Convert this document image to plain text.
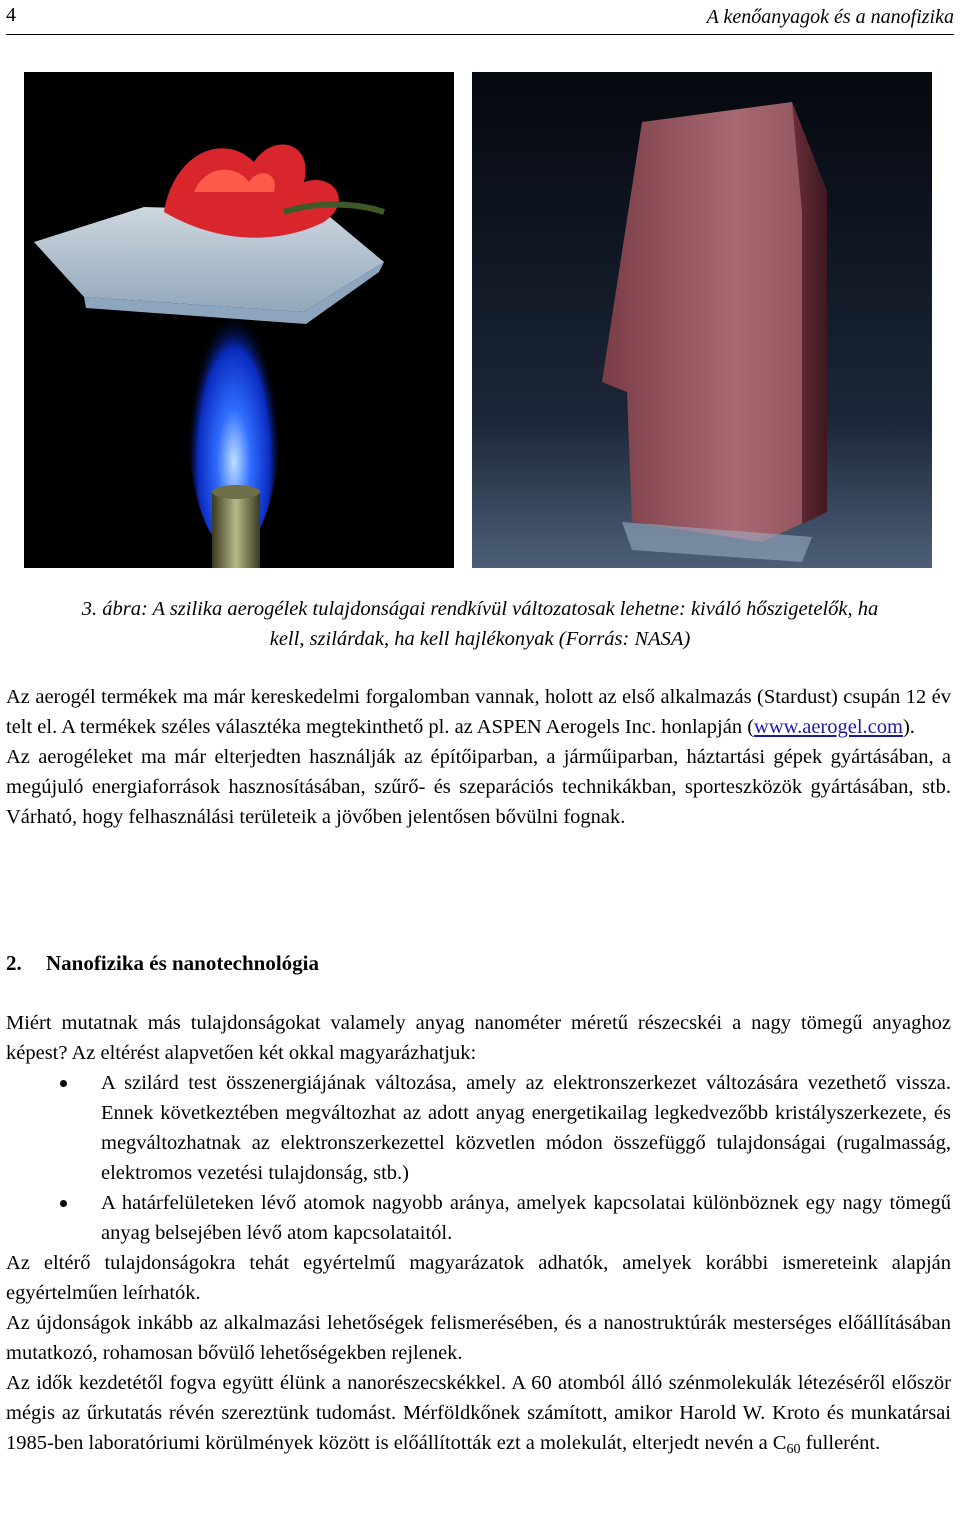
4	A kenőanyagok és a nanofizika
3. ábra: A szilika aerogélek tulajdonságai rendkívül változatosak lehetne: kiváló hőszigetelők, ha
kell, szilárdak, ha kell hajlékonyak (Forrás: NASA)

Az aerogél termékek ma már kereskedelmi forgalomban vannak, holott az első alkalmazás (Stardust) csupán 12 év telt el. A termékek széles választéka megtekinthető pl. az ASPEN Aerogels Inc. honlapján (www.aerogel.com).

Az aerogéleket ma már elterjedten használják az építőiparban, a járműiparban, háztartási gépek gyártásában, a megújuló energiaforrások hasznosításában, szűrő- és szeparációs technikákban, sporteszközök gyártásában, stb. Várható, hogy felhasználási területeik a jövőben jelentősen bővülni fognak.

2. Nanofizika és nanotechnológia

Miért mutatnak más tulajdonságokat valamely anyag nanométer méretű részecskéi a nagy tömegű anyaghoz képest? Az eltérést alapvetően két okkal magyarázhatjuk:

A szilárd test összenergiájának változása, amely az elektronszerkezet változására vezethető vissza. Ennek következtében megváltozhat az adott anyag energetikailag legkedvezőbb kristályszerkezete, és megváltozhatnak az elektronszerkezettel közvetlen módon összefüggő tulajdonságai (rugalmasság, elektromos vezetési tulajdonság, stb.)
A határfelületeken lévő atomok nagyobb aránya, amelyek kapcsolatai különböznek egy nagy tömegű anyag belsejében lévő atom kapcsolataitól.

Az eltérő tulajdonságokra tehát egyértelmű magyarázatok adhatók, amelyek korábbi ismereteink alapján egyértelműen leírhatók.

Az újdonságok inkább az alkalmazási lehetőségek felismerésében, és a nanostruktúrák mesterséges előállításában mutatkozó, rohamosan bővülő lehetőségekben rejlenek.

Az idők kezdetétől fogva együtt élünk a nanorészecskékkel. A 60 atomból álló szénmolekulák létezéséről először mégis az űrkutatás révén szereztünk tudomást. Mérföldkőnek számított, amikor Harold W. Kroto és munkatársai 1985-ben laboratóriumi körülmények között is előállították ezt a molekulát, elterjedt nevén a $C_{60}$ fullerént.
